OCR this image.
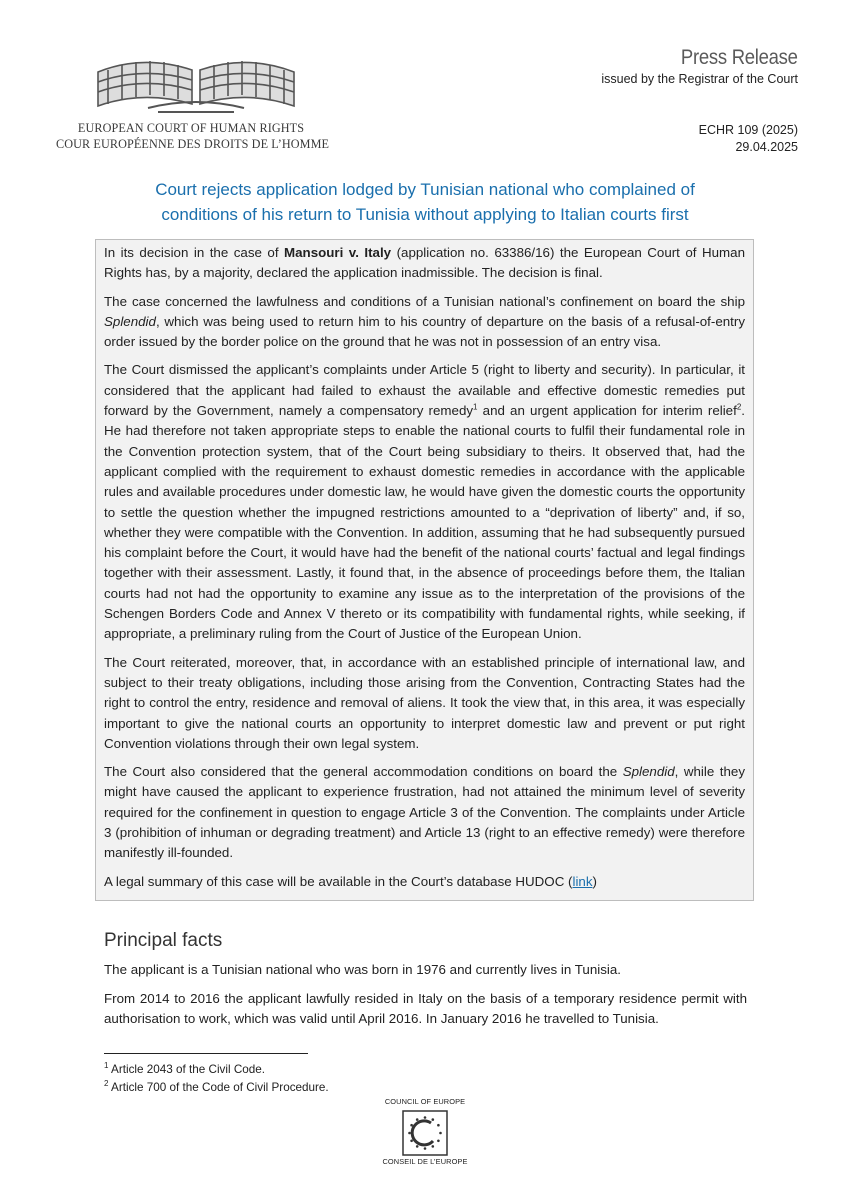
EUROPEAN COURT OF HUMAN RIGHTS
COUR EUROPÉENNE DES DROITS DE L’HOMME
Press Release
issued by the Registrar of the Court
ECHR 109 (2025)
29.04.2025
Court rejects application lodged by Tunisian national who complained of
conditions of his return to Tunisia without applying to Italian courts first

In its decision in the case of Mansouri v. Italy (application no. 63386/16) the European Court of Human Rights has, by a majority, declared the application inadmissible. The decision is final.

The case concerned the lawfulness and conditions of a Tunisian national’s confinement on board the ship Splendid, which was being used to return him to his country of departure on the basis of a refusal-of-entry order issued by the border police on the ground that he was not in possession of an entry visa.

The Court dismissed the applicant’s complaints under Article 5 (right to liberty and security). In particular, it considered that the applicant had failed to exhaust the available and effective domestic remedies put forward by the Government, namely a compensatory remedy$^1$ and an urgent application for interim relief$^2$. He had therefore not taken appropriate steps to enable the national courts to fulfil their fundamental role in the Convention protection system, that of the Court being subsidiary to theirs. It observed that, had the applicant complied with the requirement to exhaust domestic remedies in accordance with the applicable rules and available procedures under domestic law, he would have given the domestic courts the opportunity to settle the question whether the impugned restrictions amounted to a “deprivation of liberty” and, if so, whether they were compatible with the Convention. In addition, assuming that he had subsequently pursued his complaint before the Court, it would have had the benefit of the national courts’ factual and legal findings together with their assessment. Lastly, it found that, in the absence of proceedings before them, the Italian courts had not had the opportunity to examine any issue as to the interpretation of the provisions of the Schengen Borders Code and Annex V thereto or its compatibility with fundamental rights, while seeking, if appropriate, a preliminary ruling from the Court of Justice of the European Union.

The Court reiterated, moreover, that, in accordance with an established principle of international law, and subject to their treaty obligations, including those arising from the Convention, Contracting States had the right to control the entry, residence and removal of aliens. It took the view that, in this area, it was especially important to give the national courts an opportunity to interpret domestic law and prevent or put right Convention violations through their own legal system.

The Court also considered that the general accommodation conditions on board the Splendid, while they might have caused the applicant to experience frustration, had not attained the minimum level of severity required for the confinement in question to engage Article 3 of the Convention. The complaints under Article 3 (prohibition of inhuman or degrading treatment) and Article 13 (right to an effective remedy) were therefore manifestly ill-founded.

A legal summary of this case will be available in the Court’s database HUDOC (link)

Principal facts

The applicant is a Tunisian national who was born in 1976 and currently lives in Tunisia.

From 2014 to 2016 the applicant lawfully resided in Italy on the basis of a temporary residence permit with authorisation to work, which was valid until April 2016. In January 2016 he travelled to Tunisia.

$^1$ Article 2043 of the Civil Code.
$^2$ Article 700 of the Code of Civil Procedure.
COUNCIL OF EUROPE
CONSEIL DE L’EUROPE
